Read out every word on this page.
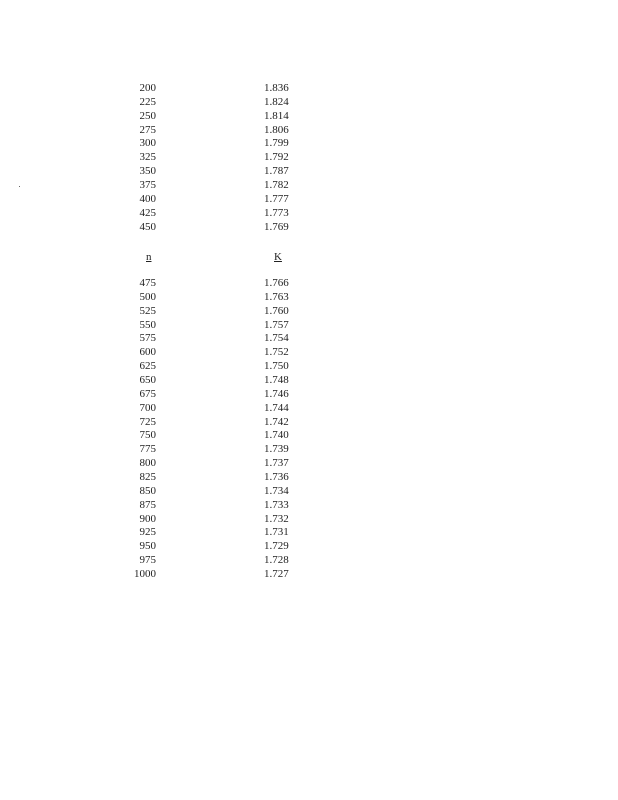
200	1.836
225	1.824
250	1.814
275	1.806
300	1.799
325	1.792
350	1.787
375	1.782
400	1.777
425	1.773
450	1.769
n	K
475	1.766
500	1.763
525	1.760
550	1.757
575	1.754
600	1.752
625	1.750
650	1.748
675	1.746
700	1.744
725	1.742
750	1.740
775	1.739
800	1.737
825	1.736
850	1.734
875	1.733
900	1.732
925	1.731
950	1.729
975	1.728
1000	1.727
